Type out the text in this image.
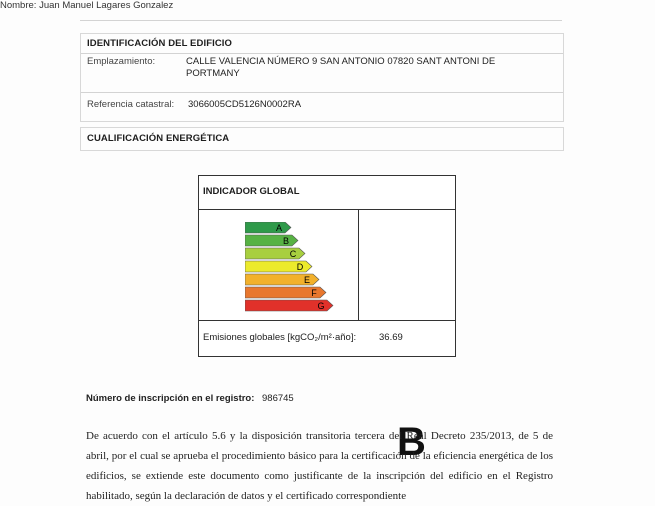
Nombre: Juan Manuel Lagares Gonzalez
IDENTIFICACIÓN DEL EDIFICIO
Emplazamiento:	CALLE VALENCIA NÚMERO 9 SAN ANTONIO 07820 SANT ANTONI DE
PORTMANY
Referencia catastral: 3066005CD5126N0002RA
CUALIFICACIÓN ENERGÉTICA
INDICADOR GLOBAL
A
B
C
D
E
F
G
B
Emisiones globales [kgCO₂/m²·año]: 36.69
Número de inscripción en el registro: 986745
De acuerdo con el artículo 5.6 y la disposición transitoria tercera del Real Decreto 235/2013, de 5 de abril, por el cual se aprueba el procedimiento básico para la certificación de la eficiencia energética de los edificios, se extiende este documento como justificante de la inscripción del edificio en el Registro habilitado, según la declaración de datos y el certificado correspondiente
